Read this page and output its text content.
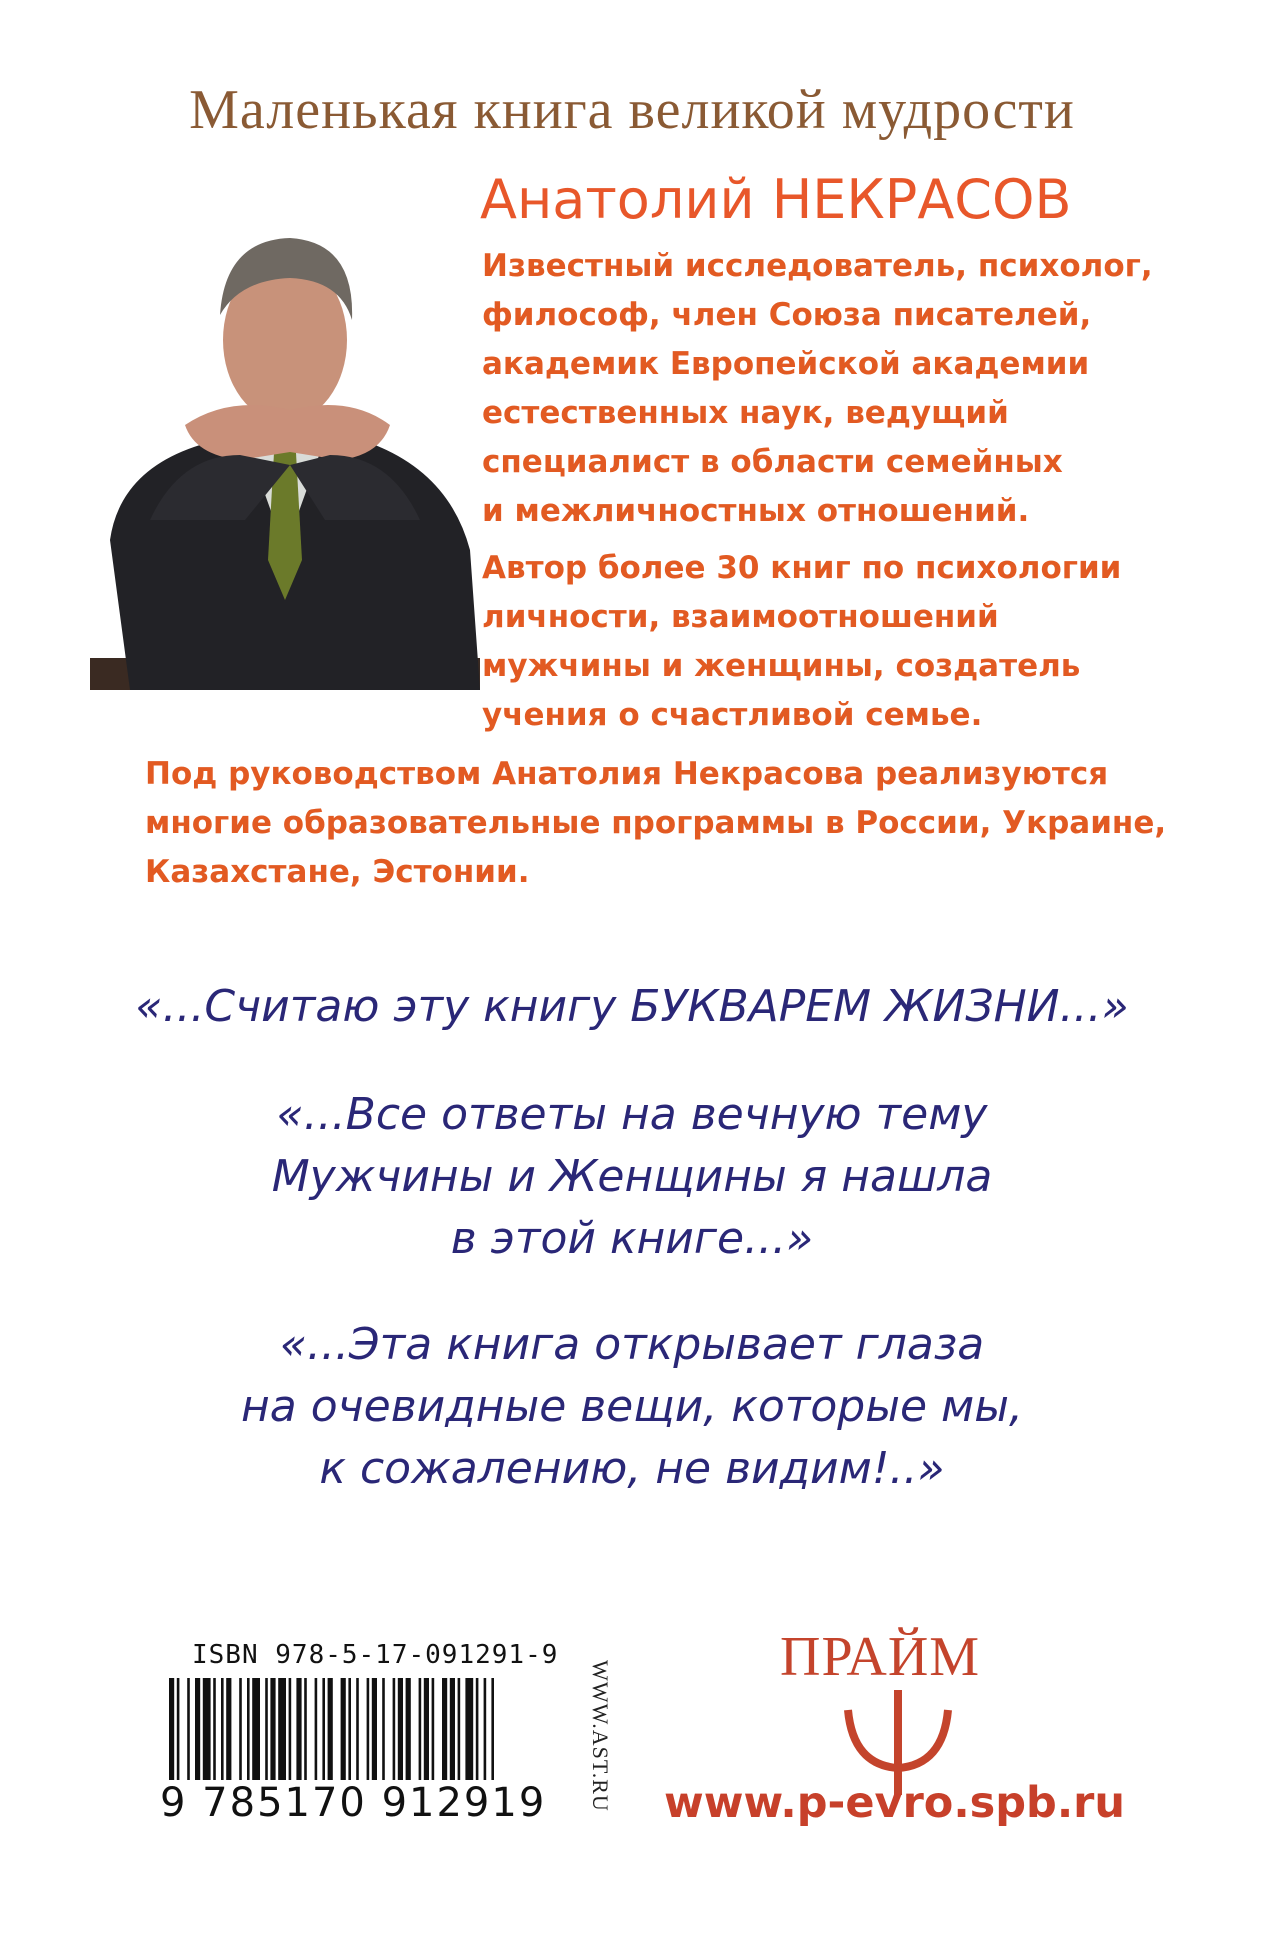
Маленькая книга великой мудрости
Анатолий НЕКРАСОВ
Известный исследователь, психолог,
философ, член Союза писателей,
академик Европейской академии
естественных наук, ведущий
специалист в области семейных
и межличностных отношений.
Автор более 30 книг по психологии
личности, взаимоотношений
мужчины и женщины, создатель
учения о счастливой семье.
Под руководством Анатолия Некрасова реализуются
многие образовательные программы в России, Украине,
Казахстане, Эстонии.
«...Считаю эту книгу БУКВАРЕМ ЖИЗНИ...»
«...Все ответы на вечную тему
Мужчины и Женщины я нашла
в этой книге...»
«...Эта книга открывает глаза
на очевидные вещи, которые мы,
к сожалению, не видим!..»
ISBN 978-5-17-091291-9
9 785170 912919 WWW.AST.RU
ПРАЙМ
www.p-evro.spb.ru
